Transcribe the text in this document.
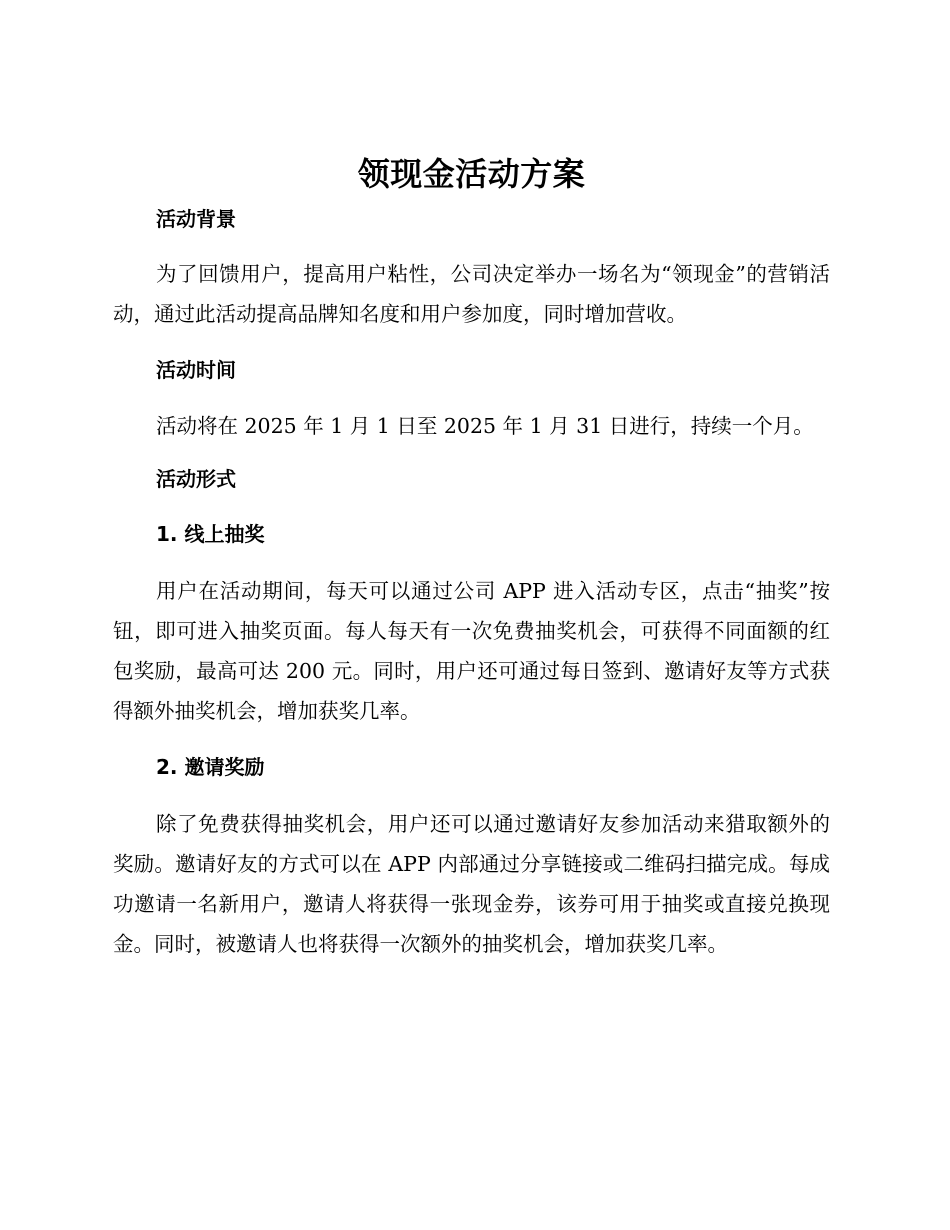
领现金活动方案
活动背景

为了回馈用户，提高用户粘性，公司决定举办一场名为“领现金”的营销活动，通过此活动提高品牌知名度和用户参加度，同时增加营收。

活动时间

活动将在 2025 年 1 月 1 日至 2025 年 1 月 31 日进行，持续一个月。

活动形式
1. 线上抽奖

用户在活动期间，每天可以通过公司 APP 进入活动专区，点击“抽奖”按钮，即可进入抽奖页面。每人每天有一次免费抽奖机会，可获得不同面额的红包奖励，最高可达 200 元。同时，用户还可通过每日签到、邀请好友等方式获得额外抽奖机会，增加获奖几率。

2. 邀请奖励

除了免费获得抽奖机会，用户还可以通过邀请好友参加活动来猎取额外的奖励。邀请好友的方式可以在 APP 内部通过分享链接或二维码扫描完成。每成功邀请一名新用户，邀请人将获得一张现金券，该券可用于抽奖或直接兑换现金。同时，被邀请人也将获得一次额外的抽奖机会，增加获奖几率。
